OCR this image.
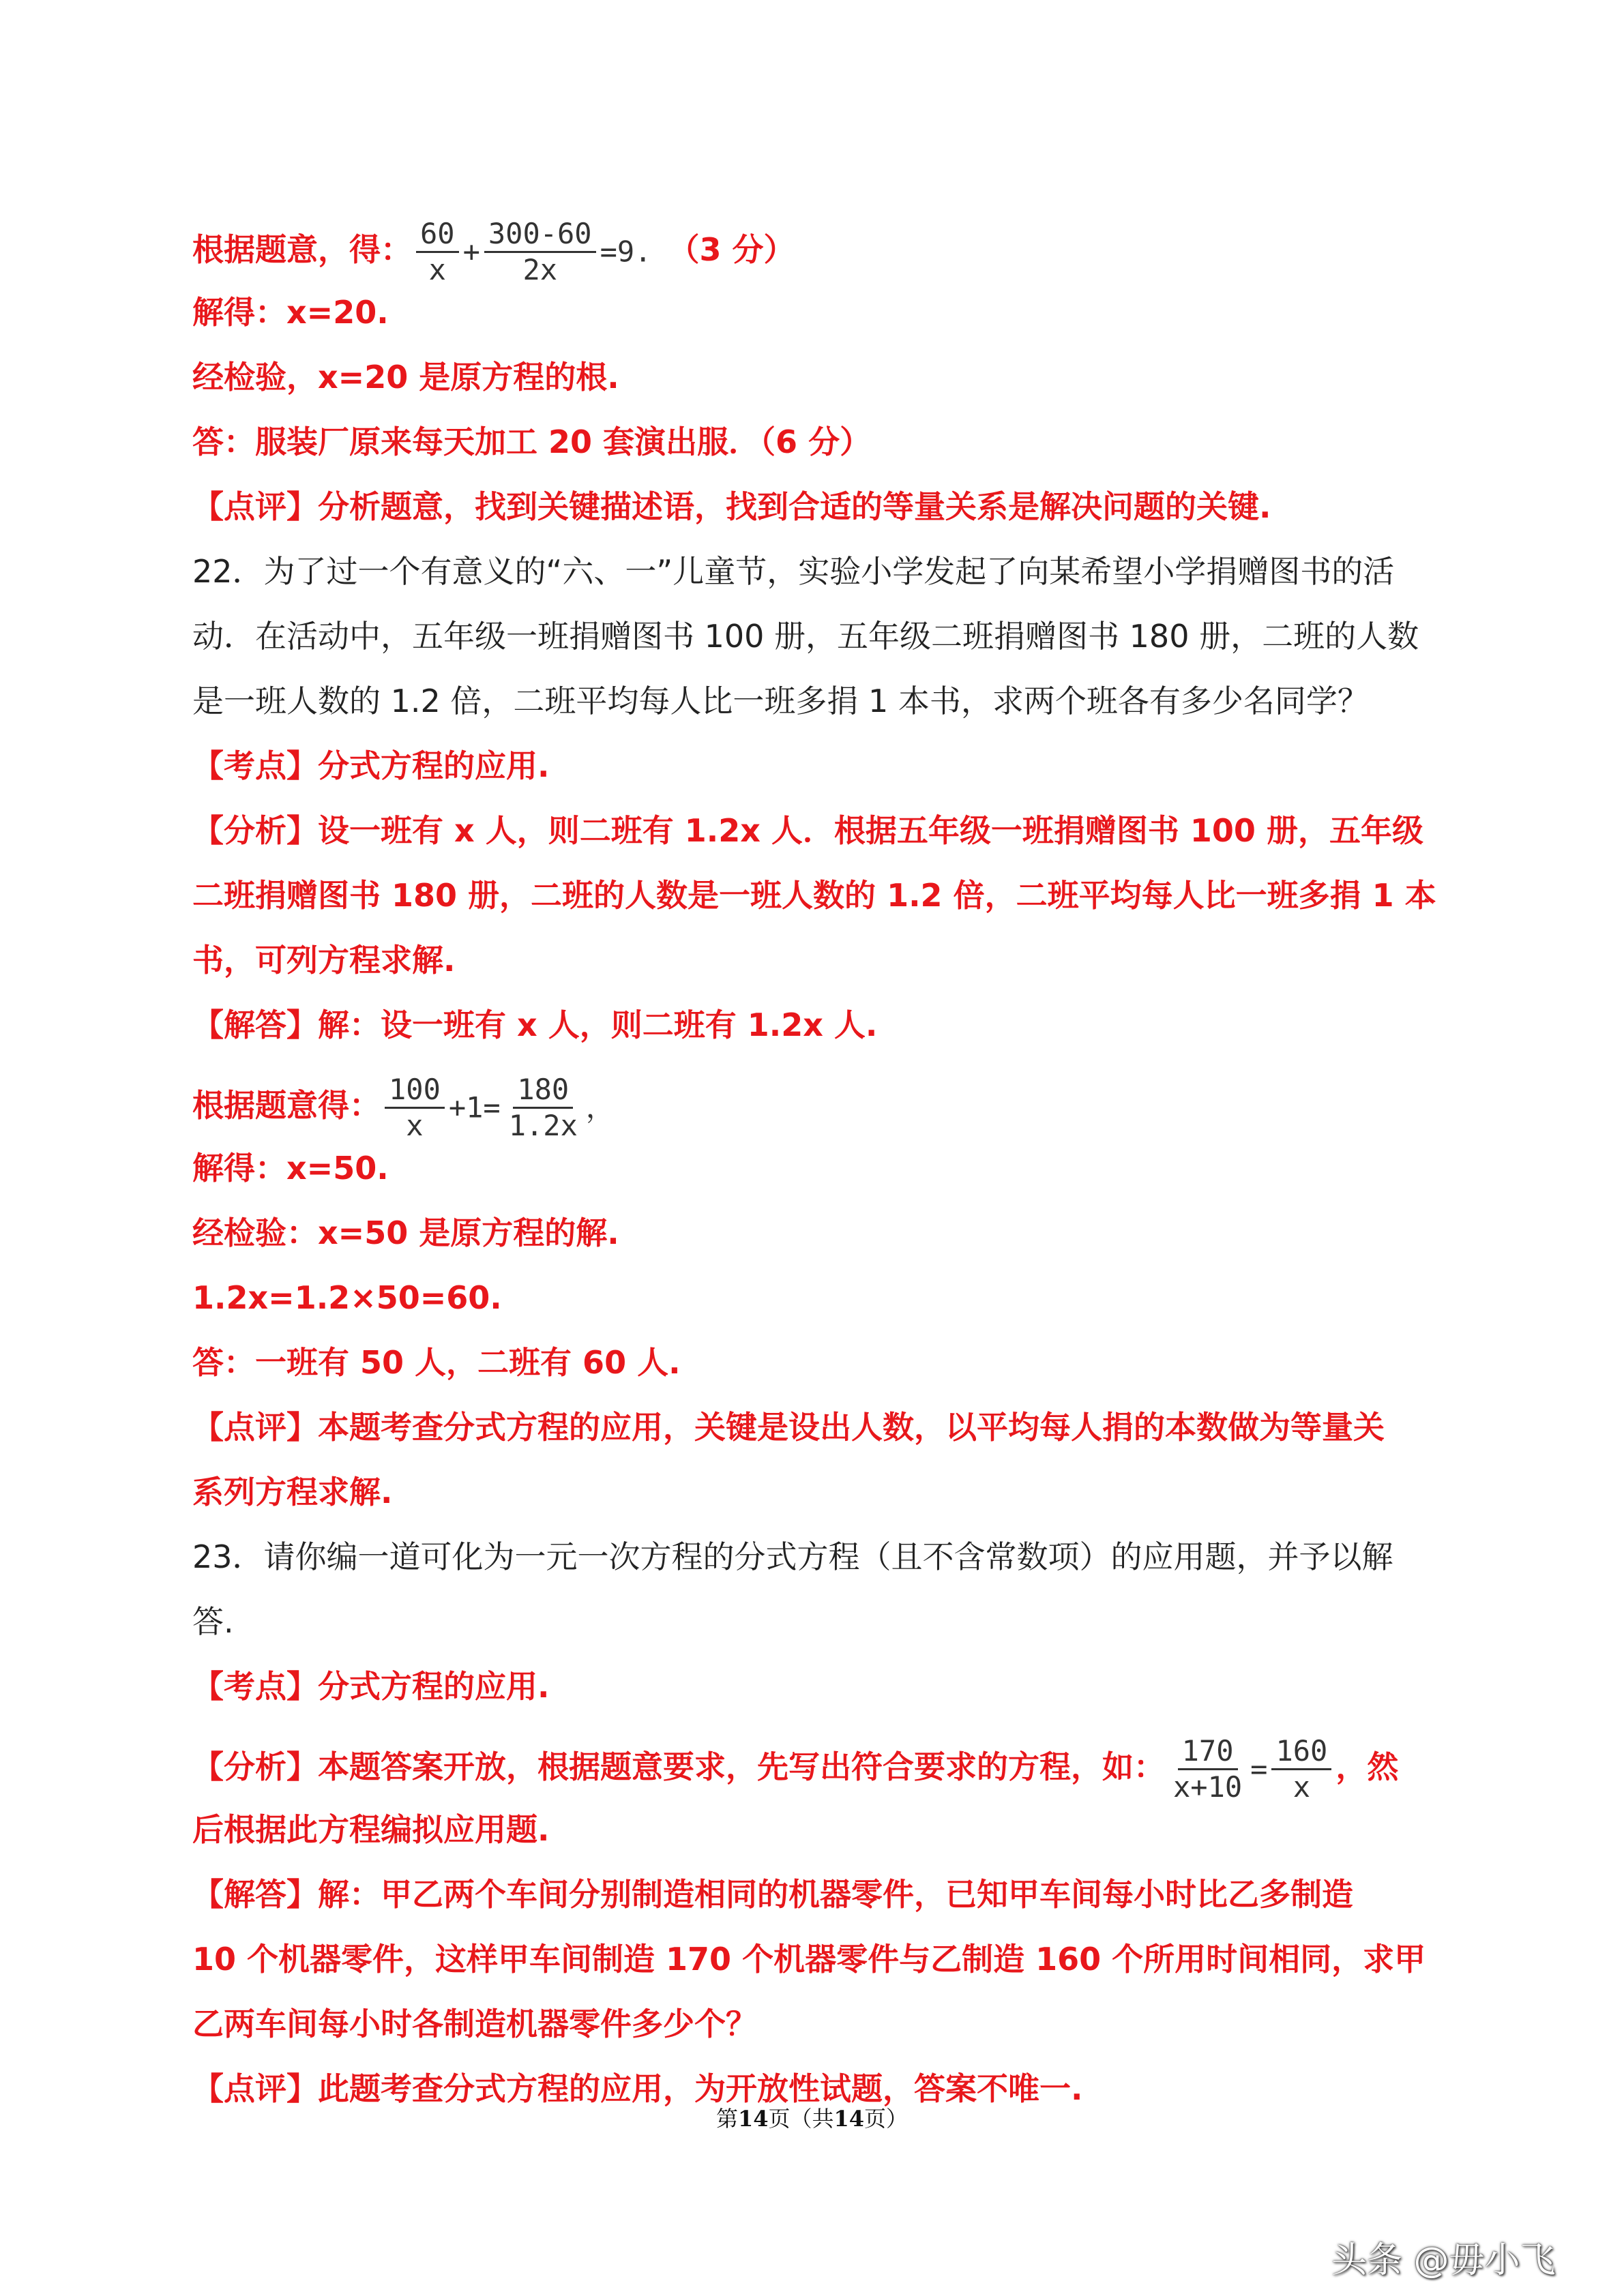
根据题意，得： $\frac{60}{x} + \frac{300-60}{2x} =9$. （3 分）
解得：x=20.
经检验，x=20 是原方程的根.
答：服装厂原来每天加工 20 套演出服．（6 分）
【点评】分析题意，找到关键描述语，找到合适的等量关系是解决问题的关键.
22．为了过一个有意义的“六、一”儿童节，实验小学发起了向某希望小学捐赠图书的活
动．在活动中，五年级一班捐赠图书 100 册，五年级二班捐赠图书 180 册，二班的人数
是一班人数的 1.2 倍，二班平均每人比一班多捐 1 本书，求两个班各有多少名同学？
【考点】分式方程的应用.
【分析】设一班有 x 人，则二班有 1.2x 人．根据五年级一班捐赠图书 100 册，五年级
二班捐赠图书 180 册，二班的人数是一班人数的 1.2 倍，二班平均每人比一班多捐 1 本
书，可列方程求解.
【解答】解：设一班有 x 人，则二班有 1.2x 人.
根据题意得： $\frac{100}{x} +1= \frac{180}{1.2x}$ ，
解得：x=50.
经检验：x=50 是原方程的解.
1.2x=1.2×50=60.
答：一班有 50 人，二班有 60 人.
【点评】本题考查分式方程的应用，关键是设出人数，以平均每人捐的本数做为等量关
系列方程求解.
23．请你编一道可化为一元一次方程的分式方程（且不含常数项）的应用题，并予以解
答.
【考点】分式方程的应用.
【分析】本题答案开放，根据题意要求，先写出符合要求的方程，如： $\frac{170}{x+10} = \frac{160}{x}$ ，然
后根据此方程编拟应用题.
【解答】解：甲乙两个车间分别制造相同的机器零件，已知甲车间每小时比乙多制造
10 个机器零件，这样甲车间制造 170 个机器零件与乙制造 160 个所用时间相同，求甲
乙两车间每小时各制造机器零件多少个？
【点评】此题考查分式方程的应用，为开放性试题，答案不唯一.
第14页（共14页）
头条 @毋小飞
